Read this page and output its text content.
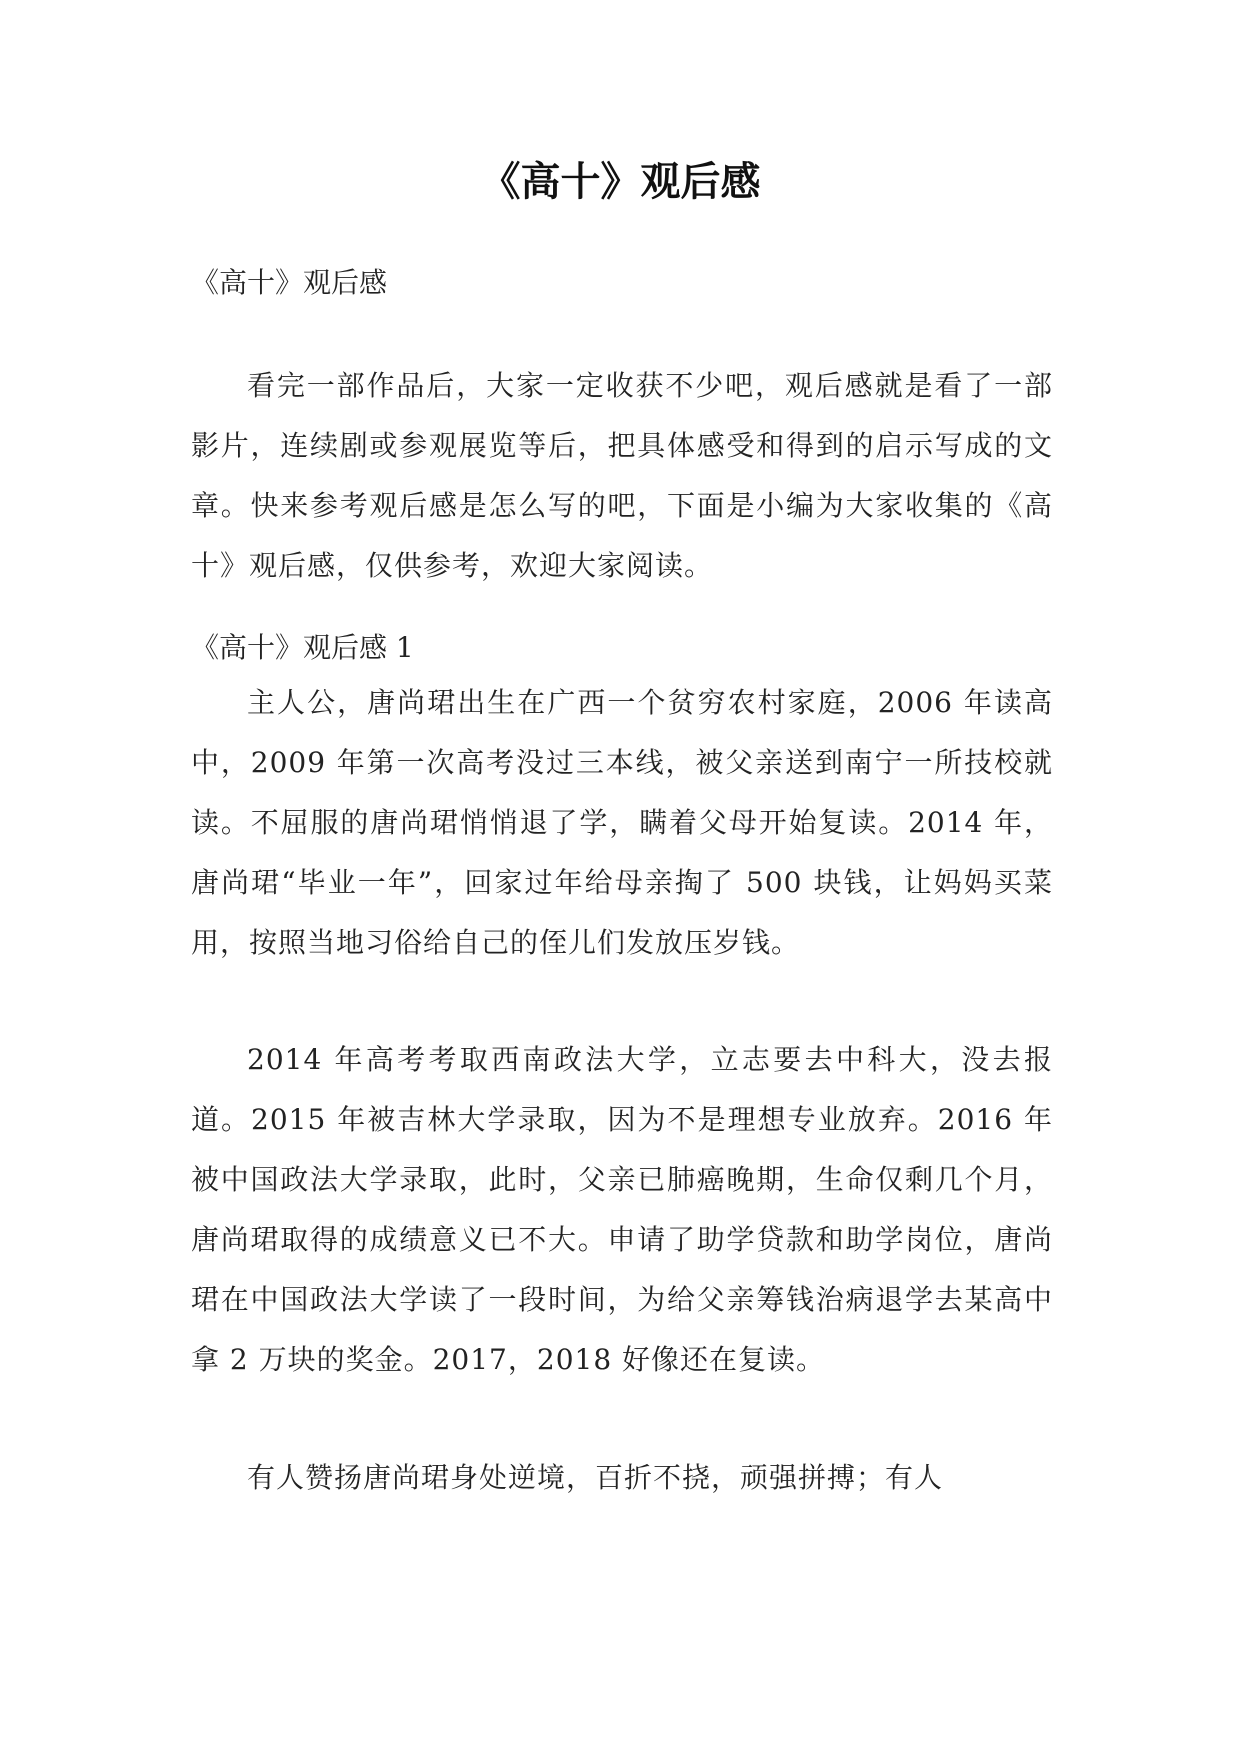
《高十》观后感

《高十》观后感

看完一部作品后，大家一定收获不少吧，观后感就是看了一部影片，连续剧或参观展览等后，把具体感受和得到的启示写成的文章。快来参考观后感是怎么写的吧，下面是小编为大家收集的《高十》观后感，仅供参考，欢迎大家阅读。

《高十》观后感 1

主人公，唐尚珺出生在广西一个贫穷农村家庭，2006 年读高中，2009 年第一次高考没过三本线，被父亲送到南宁一所技校就读。不屈服的唐尚珺悄悄退了学，瞒着父母开始复读。2014 年，唐尚珺“毕业一年”，回家过年给母亲掏了 500 块钱，让妈妈买菜用，按照当地习俗给自己的侄儿们发放压岁钱。

2014 年高考考取西南政法大学，立志要去中科大，没去报道。2015 年被吉林大学录取，因为不是理想专业放弃。2016 年被中国政法大学录取，此时，父亲已肺癌晚期，生命仅剩几个月，唐尚珺取得的成绩意义已不大。申请了助学贷款和助学岗位，唐尚珺在中国政法大学读了一段时间，为给父亲筹钱治病退学去某高中拿 2 万块的奖金。2017，2018 好像还在复读。

有人赞扬唐尚珺身处逆境，百折不挠，顽强拼搏；有人
